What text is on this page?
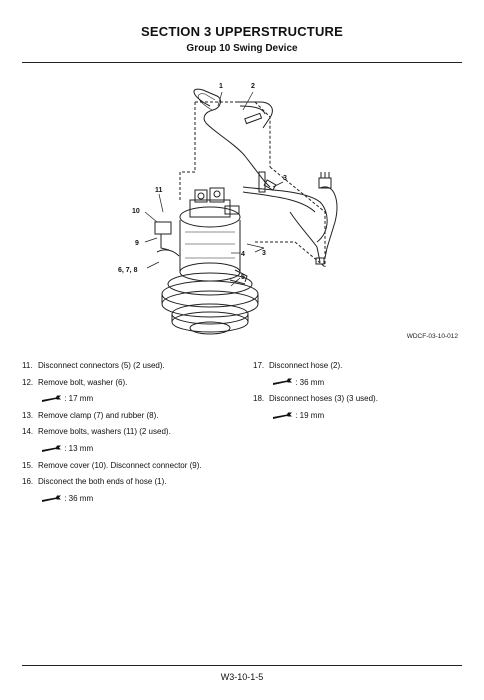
SECTION 3 UPPERSTRUCTURE
Group 10 Swing Device
1	2
3
3
4
5
9
10
11
6, 7, 8
WDCF-03-10-012
11. Disconnect connectors (5) (2 used).
12. Remove bolt, washer (6).
: 17 mm
13. Remove clamp (7) and rubber (8).
14. Remove bolts, washers (11) (2 used).
: 13 mm
15. Remove cover (10). Disconnect connector (9).
16. Disconect the both ends of hose (1).
: 36 mm
17. Disconnect hose (2).
: 36 mm
18. Disconnect hoses (3) (3 used).
: 19 mm
W3-10-1-5
